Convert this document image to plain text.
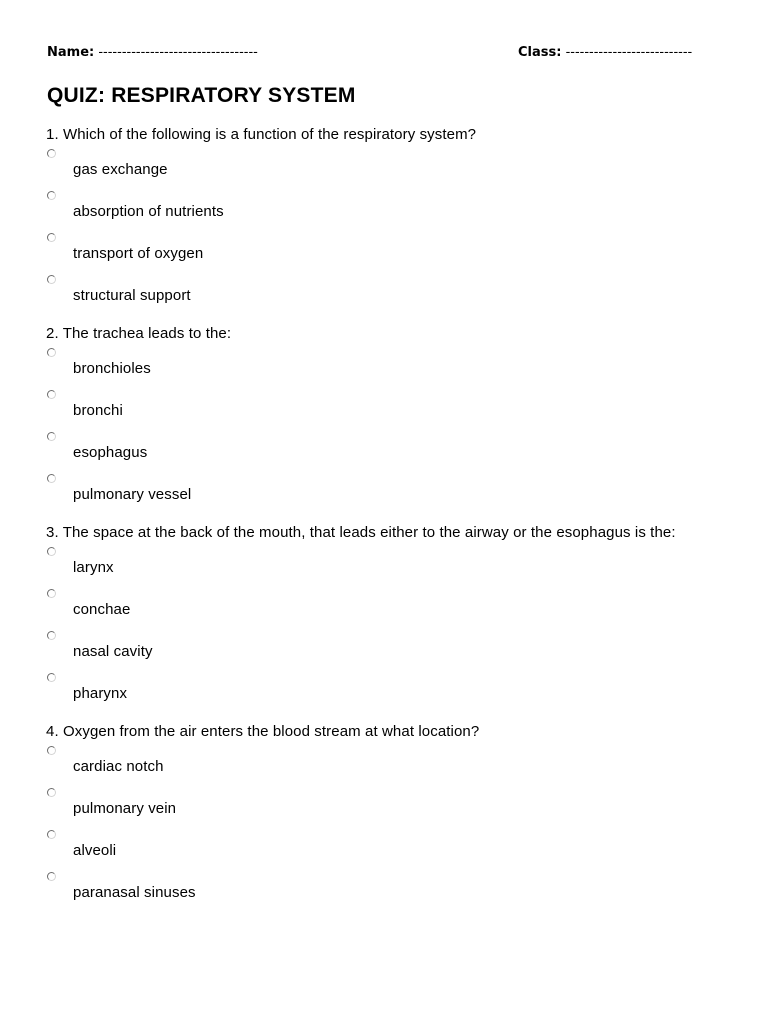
Name: ----------------------------------	Class: ---------------------------
QUIZ: RESPIRATORY SYSTEM

1. Which of the following is a function of the respiratory system?

gas exchange
absorption of nutrients
transport of oxygen
structural support

2. The trachea leads to the:

bronchioles
bronchi
esophagus
pulmonary vessel

3. The space at the back of the mouth, that leads either to the airway or the esophagus is the:

larynx
conchae
nasal cavity
pharynx

4. Oxygen from the air enters the blood stream at what location?

cardiac notch
pulmonary vein
alveoli
paranasal sinuses
